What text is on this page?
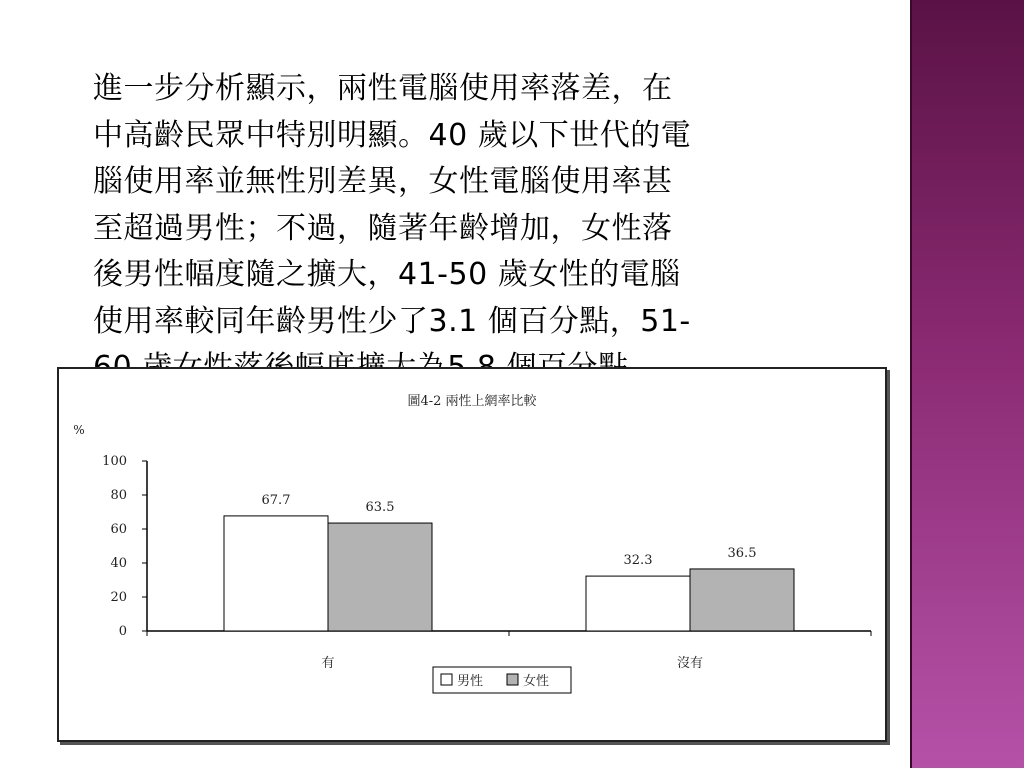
進一步分析顯示，兩性電腦使用率落差，在
中高齡民眾中特別明顯。40 歲以下世代的電
腦使用率並無性別差異，女性電腦使用率甚
至超過男性；不過，隨著年齡增加，女性落
後男性幅度隨之擴大，41-50 歲女性的電腦
使用率較同年齡男性少了3.1 個百分點，51-
圖4-2 兩性上網率比較
%
0
20
40
60
80
100
67.7	63.5
有
32.3	36.5
沒有
男性	女性
